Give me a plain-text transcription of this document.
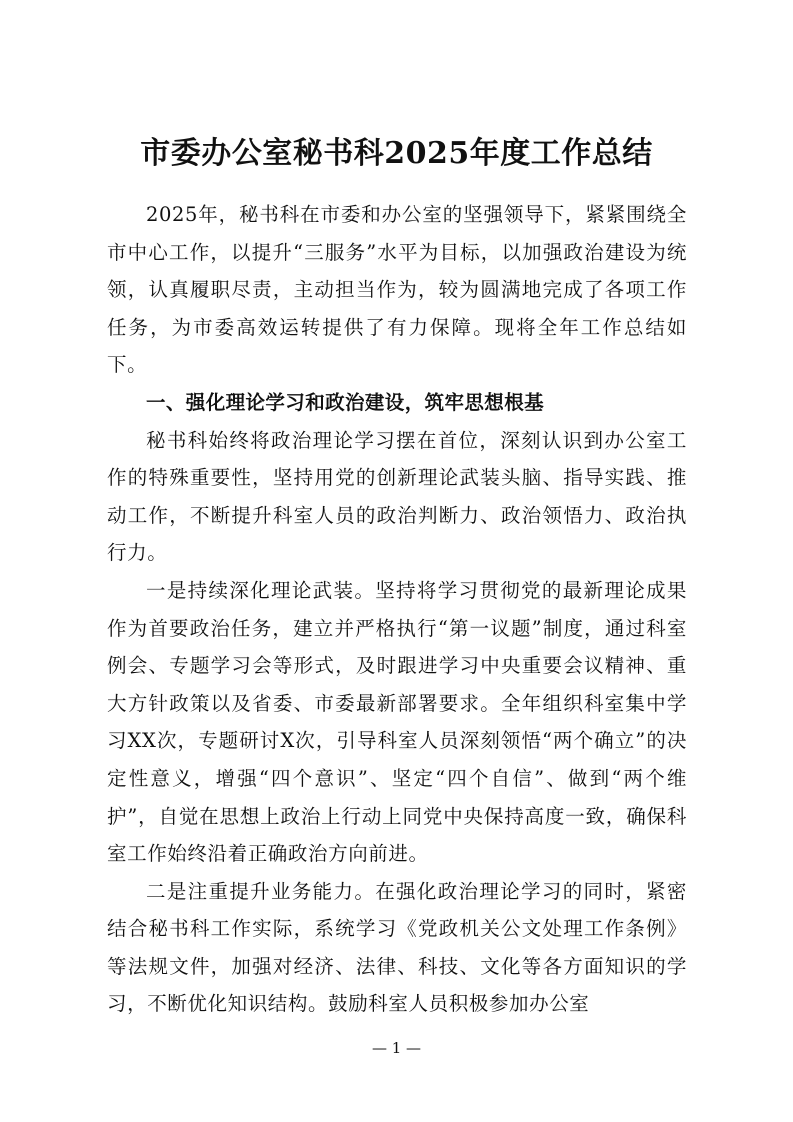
市委办公室秘书科2025年度工作总结

2025年，秘书科在市委和办公室的坚强领导下，紧紧围绕全市中心工作，以提升“三服务”水平为目标，以加强政治建设为统领，认真履职尽责，主动担当作为，较为圆满地完成了各项工作任务，为市委高效运转提供了有力保障。现将全年工作总结如下。

一、强化理论学习和政治建设，筑牢思想根基

秘书科始终将政治理论学习摆在首位，深刻认识到办公室工作的特殊重要性，坚持用党的创新理论武装头脑、指导实践、推动工作，不断提升科室人员的政治判断力、政治领悟力、政治执行力。

一是持续深化理论武装。坚持将学习贯彻党的最新理论成果作为首要政治任务，建立并严格执行“第一议题”制度，通过科室例会、专题学习会等形式，及时跟进学习中央重要会议精神、重大方针政策以及省委、市委最新部署要求。全年组织科室集中学习XX次，专题研讨X次，引导科室人员深刻领悟“两个确立”的决定性意义，增强“四个意识”、坚定“四个自信”、做到“两个维护”，自觉在思想上政治上行动上同党中央保持高度一致，确保科室工作始终沿着正确政治方向前进。

二是注重提升业务能力。在强化政治理论学习的同时，紧密结合秘书科工作实际，系统学习《党政机关公文处理工作条例》等法规文件，加强对经济、法律、科技、文化等各方面知识的学习，不断优化知识结构。鼓励科室人员积极参加办公室

— 1 —
